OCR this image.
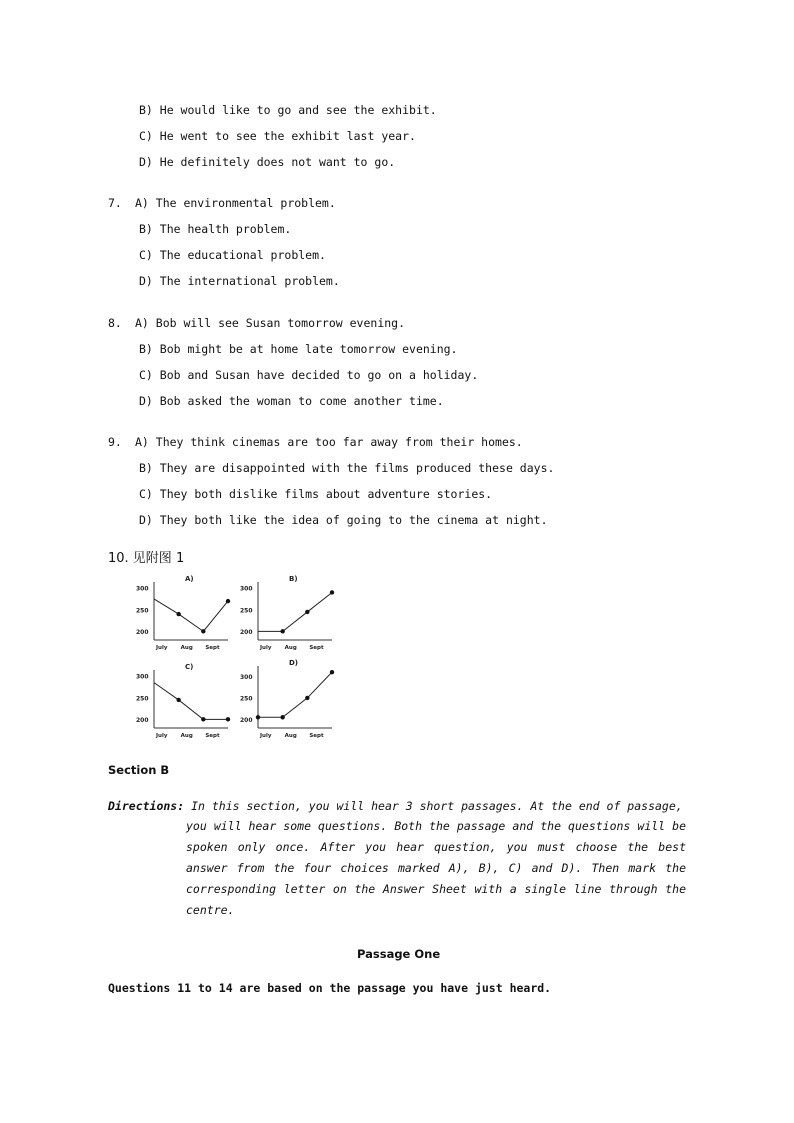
B) He would like to go and see the exhibit.
C) He went to see the exhibit last year.
D) He definitely does not want to go.
7. A) The environmental problem.
B) The health problem.
C) The educational problem.
D) The international problem.
8. A) Bob will see Susan tomorrow evening.
B) Bob might be at home late tomorrow evening.
C) Bob and Susan have decided to go on a holiday.
D) Bob asked the woman to come another time.
9. A) They think cinemas are too far away from their homes.
B) They are disappointed with the films produced these days.
C) They both dislike films about adventure stories.
D) They both like the idea of going to the cinema at night.
10. 见附图 1
A)
300
250
200
July Aug Sept
B)
300
250
200
July Aug Sept
C)
300
250
200
July Aug Sept
D)
300
250
200
July Aug Sept
Section B
Directions: In this section, you will hear 3 short passages. At the end of passage,
you will hear some questions. Both the passage and the questions will be spoken only once. After you hear question, you must choose the best answer from the four choices marked A), B), C) and D). Then mark the corresponding letter on the Answer Sheet with a single line through the centre.
Passage One
Questions 11 to 14 are based on the passage you have just heard.
